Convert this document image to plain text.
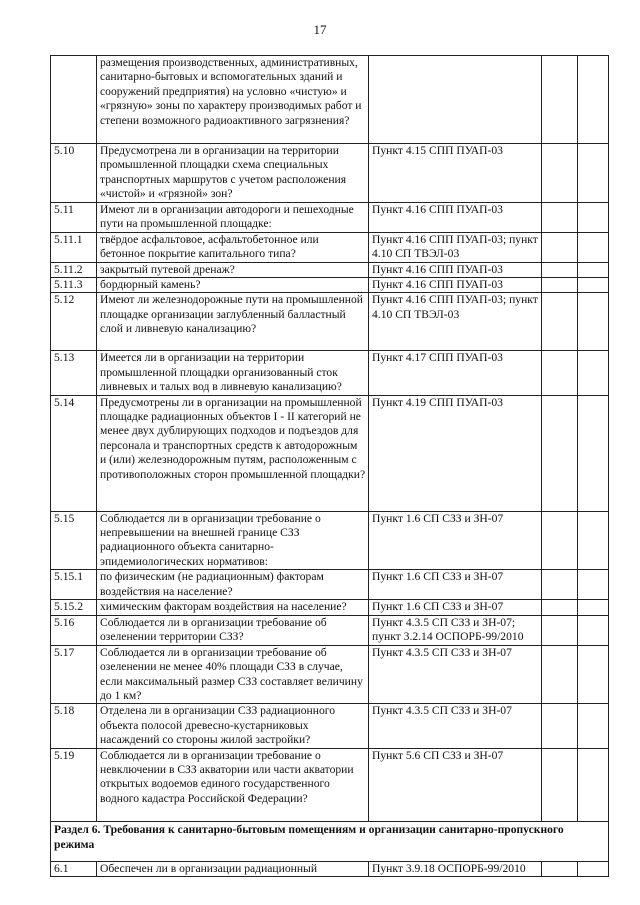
17
	размещения производственных, административных, санитарно-бытовых и вспомогательных зданий и сооружений предприятия) на условно «чистую» и «грязную» зоны по характеру производимых работ и степени возможного радиоактивного загрязнения?			
5.10	Предусмотрена ли в организации на территории промышленной площадки схема специальных транспортных маршрутов с учетом расположения «чистой» и «грязной» зон?	Пункт 4.15 СПП ПУАП-03		
5.11	Имеют ли в организации автодороги и пешеходные пути на промышленной площадке:	Пункт 4.16 СПП ПУАП-03		
5.11.1	твёрдое асфальтовое, асфальтобетонное или бетонное покрытие капитального типа?	Пункт 4.16 СПП ПУАП-03; пункт 4.10 СП ТВЭЛ-03		
5.11.2	закрытый путевой дренаж?	Пункт 4.16 СПП ПУАП-03		
5.11.3	бордюрный камень?	Пункт 4.16 СПП ПУАП-03		
5.12	Имеют ли железнодорожные пути на промышленной площадке организации заглубленный балластный слой и ливневую канализацию?	Пункт 4.16 СПП ПУАП-03; пункт 4.10 СП ТВЭЛ-03		
5.13	Имеется ли в организации на территории промышленной площадки организованный сток ливневых и талых вод в ливневую канализацию?	Пункт 4.17 СПП ПУАП-03		
5.14	Предусмотрены ли в организации на промышленной площадке радиационных объектов I - II категорий не менее двух дублирующих подходов и подъездов для персонала и транспортных средств к автодорожным и (или) железнодорожным путям, расположенным с противоположных сторон промышленной площадки?	Пункт 4.19 СПП ПУАП-03		
5.15	Соблюдается ли в организации требование о непревышении на внешней границе СЗЗ радиационного объекта санитарно-эпидемиологических нормативов:	Пункт 1.6 СП СЗЗ и ЗН-07		
5.15.1	по физическим (не радиационным) факторам воздействия на население?	Пункт 1.6 СП СЗЗ и ЗН-07		
5.15.2	химическим факторам воздействия на население?	Пункт 1.6 СП СЗЗ и ЗН-07		
5.16	Соблюдается ли в организации требование об озеленении территории СЗЗ?	Пункт 4.3.5 СП СЗЗ и ЗН-07; пункт 3.2.14 ОСПОРБ-99/2010		
5.17	Соблюдается ли в организации требование об озеленении не менее 40% площади СЗЗ в случае, если максимальный размер СЗЗ составляет величину до 1 км?	Пункт 4.3.5 СП СЗЗ и ЗН-07		
5.18	Отделена ли в организации СЗЗ радиационного объекта полосой древесно-кустарниковых насаждений со стороны жилой застройки?	Пункт 4.3.5 СП СЗЗ и ЗН-07		
5.19	Соблюдается ли в организации требование о невключении в СЗЗ акватории или части акватории открытых водоемов единого государственного водного кадастра Российской Федерации?	Пункт 5.6 СП СЗЗ и ЗН-07		
Раздел 6. Требования к санитарно-бытовым помещениям и организации санитарно-пропускного режима				
6.1	Обеспечен ли в организации радиационный	Пункт 3.9.18 ОСПОРБ-99/2010		
